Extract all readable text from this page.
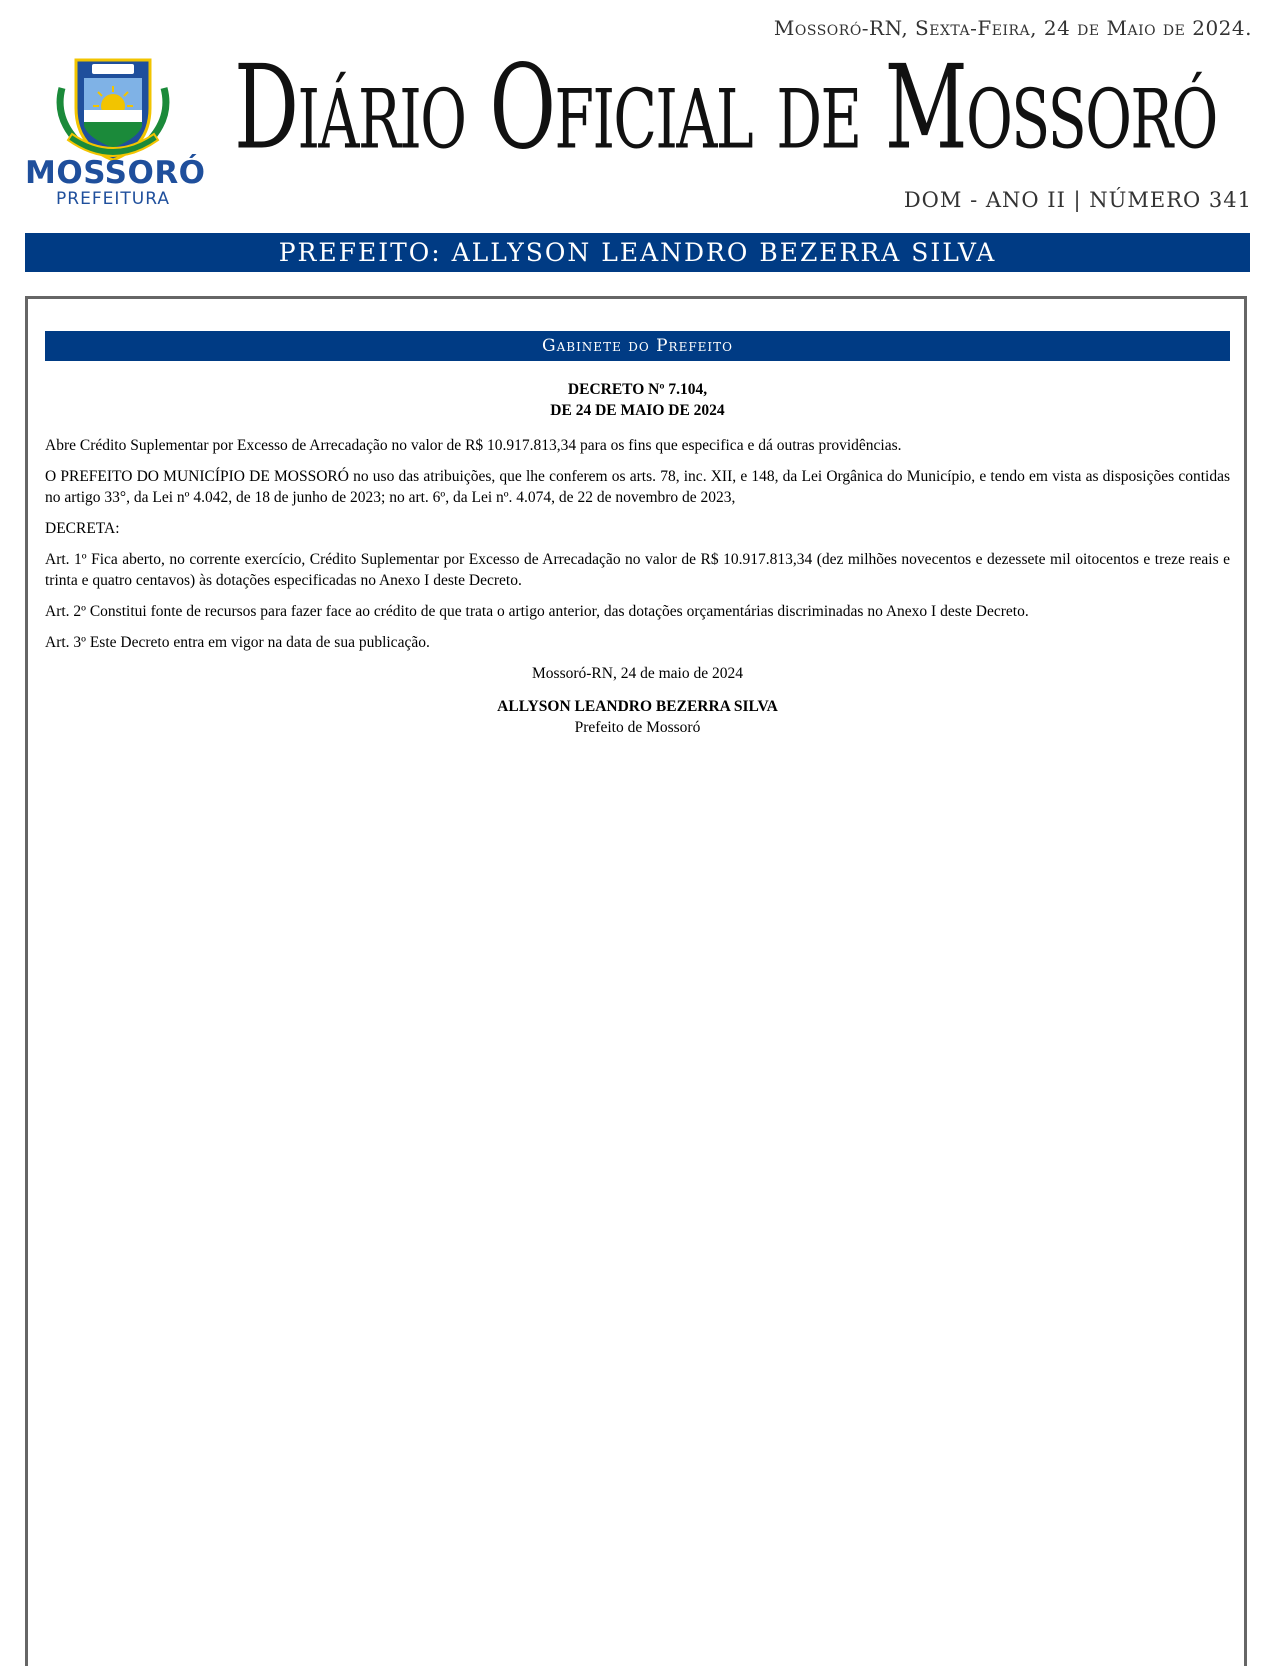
Mossoró-RN, Sexta-Feira, 24 de Maio de 2024.
MOSSORÓ
PREFEITURA
Diário Oficial de Mossoró
DOM - ANO II | NÚMERO 341
PREFEITO: ALLYSON LEANDRO BEZERRA SILVA
Gabinete do Prefeito
DECRETO Nº 7.104,
DE 24 DE MAIO DE 2024

Abre Crédito Suplementar por Excesso de Arrecadação no valor de R$ 10.917.813,34 para os fins que especifica e dá outras providências.

O PREFEITO DO MUNICÍPIO DE MOSSORÓ no uso das atribuições, que lhe conferem os arts. 78, inc. XII, e 148, da Lei Orgânica do Município, e tendo em vista as disposições contidas no artigo 33°, da Lei nº 4.042, de 18 de junho de 2023; no art. 6º, da Lei nº. 4.074, de 22 de novembro de 2023,

DECRETA:

Art. 1º Fica aberto, no corrente exercício, Crédito Suplementar por Excesso de Arrecadação no valor de R$ 10.917.813,34 (dez milhões novecentos e dezessete mil oitocentos e treze reais e trinta e quatro centavos) às dotações especificadas no Anexo I deste Decreto.

Art. 2º Constitui fonte de recursos para fazer face ao crédito de que trata o artigo anterior, das dotações orçamentárias discriminadas no Anexo I deste Decreto.

Art. 3º Este Decreto entra em vigor na data de sua publicação.

Mossoró-RN, 24 de maio de 2024

ALLYSON LEANDRO BEZERRA SILVA
Prefeito de Mossoró
